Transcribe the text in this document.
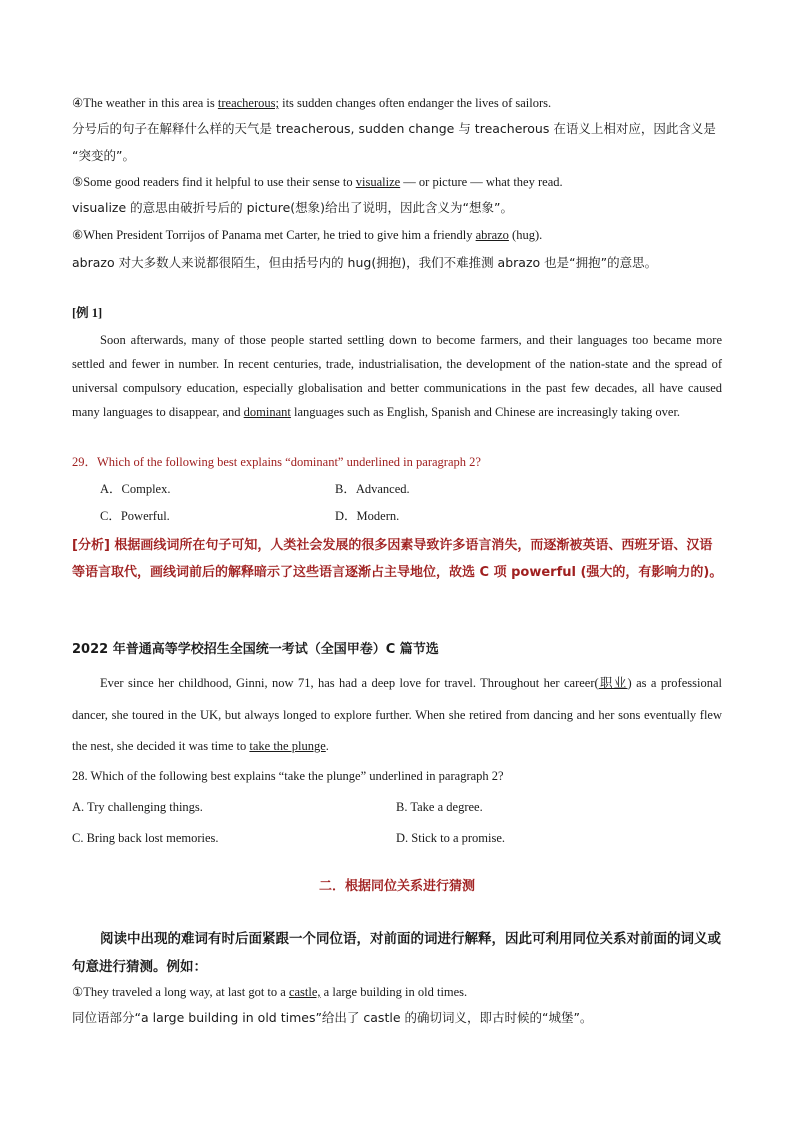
④The weather in this area is treacherous; its sudden changes often endanger the lives of sailors.
分号后的句子在解释什么样的天气是 treacherous, sudden change 与 treacherous 在语义上相对应，因此含义是
“突变的”。
⑤Some good readers find it helpful to use their sense to visualize — or picture — what they read.
visualize 的意思由破折号后的 picture(想象)给出了说明，因此含义为“想象”。
⑥When President Torrijos of Panama met Carter, he tried to give him a friendly abrazo (hug).
abrazo 对大多数人来说都很陌生，但由括号内的 hug(拥抱)，我们不难推测 abrazo 也是“拥抱”的意思。
[例 1]

Soon afterwards, many of those people started settling down to become farmers, and their languages too became more settled and fewer in number. In recent centuries, trade, industrialisation, the development of the nation-state and the spread of universal compulsory education, especially globalisation and better communications in the past few decades, all have caused many languages to disappear, and dominant languages such as English, Spanish and Chinese are increasingly taking over.

29．Which of the following best explains “dominant” underlined in paragraph 2?
A．Complex.	B．Advanced.
C．Powerful.	D．Modern.
[分析] 根据画线词所在句子可知，人类社会发展的很多因素导致许多语言消失，而逐渐被英语、西班牙语、汉语等语言取代，画线词前后的解释暗示了这些语言逐渐占主导地位，故选 C 项 powerful (强大的，有影响力的)。
2022 年普通高等学校招生全国统一考试（全国甲卷）C 篇节选

Ever since her childhood, Ginni, now 71, has had a deep love for travel. Throughout her career(职业) as a professional dancer, she toured in the UK, but always longed to explore further. When she retired from dancing and her sons eventually flew the nest, she decided it was time to take the plunge.

28. Which of the following best explains “take the plunge” underlined in paragraph 2?
A. Try challenging things.	B. Take a degree.
C. Bring back lost memories.	D. Stick to a promise.
二．根据同位关系进行猜测
阅读中出现的难词有时后面紧跟一个同位语，对前面的词进行解释，因此可利用同位关系对前面的词义或句意进行猜测。例如：
①They traveled a long way, at last got to a castle, a large building in old times.
同位语部分“a large building in old times”给出了 castle 的确切词义，即古时候的“城堡”。
